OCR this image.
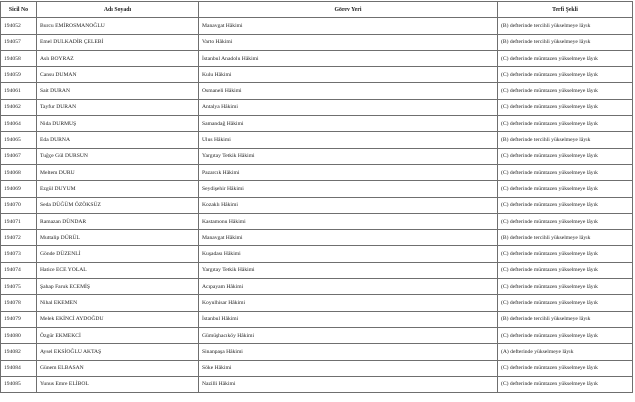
Sicil No	Adı Soyadı	Görev Yeri	Terfi Şekli
194052	Burcu EMİROSMANOĞLU	Manavgat Hâkimi	(B) defterinde tercihli yükselmeye lâyık
194057	Emel DULKADİR ÇELEBİ	Varto Hâkimi	(B) defterinde tercihli yükselmeye lâyık
194058	Aslı BOYRAZ	İstanbul Anadolu Hâkimi	(C) defterinde mümtazen yükselmeye lâyık
194059	Cansu DUMAN	Kulu Hâkimi	(C) defterinde mümtazen yükselmeye lâyık
194061	Sait DURAN	Osmaneli Hâkimi	(C) defterinde mümtazen yükselmeye lâyık
194062	Tayfur DURAN	Antalya Hâkimi	(C) defterinde mümtazen yükselmeye lâyık
194064	Nida DURMUŞ	Samandağ Hâkimi	(C) defterinde mümtazen yükselmeye lâyık
194065	Eda DURNA	Ulus Hâkimi	(B) defterinde tercihli yükselmeye lâyık
194067	Tuğçe Gül DURSUN	Yargıtay Tetkik Hâkimi	(C) defterinde mümtazen yükselmeye lâyık
194068	Meltem DURU	Pazarcık Hâkimi	(C) defterinde mümtazen yükselmeye lâyık
194069	Ezgül DUYUM	Seydişehir Hâkimi	(C) defterinde mümtazen yükselmeye lâyık
194070	Seda DÜĞÜM ÖZÖKSÜZ	Kozaklı Hâkimi	(C) defterinde mümtazen yükselmeye lâyık
194071	Ramazan DÜNDAR	Kastamonu Hâkimi	(C) defterinde mümtazen yükselmeye lâyık
194072	Muttalip DÜRÜL	Manavgat Hâkimi	(B) defterinde tercihli yükselmeye lâyık
194073	Gönde DÜZENLİ	Kuşadası Hâkimi	(C) defterinde mümtazen yükselmeye lâyık
194074	Hatice ECE YOLAL	Yargıtay Tetkik Hâkimi	(C) defterinde mümtazen yükselmeye lâyık
194075	Şahap Faruk ECEMİŞ	Acıpayam Hâkimi	(C) defterinde mümtazen yükselmeye lâyık
194078	Nihal EKEMEN	Koyulhisar Hâkimi	(C) defterinde mümtazen yükselmeye lâyık
194079	Melek EKİNCİ AYDOĞDU	İstanbul Hâkimi	(B) defterinde tercihli yükselmeye lâyık
194080	Özgür EKMEKCİ	Gümüşhacıköy Hâkimi	(C) defterinde mümtazen yükselmeye lâyık
194082	Aysel EKSİOĞLU AKTAŞ	Sinanpaşa Hâkimi	(A) defterinde yükselmeye lâyık
194084	Günem ELBASAN	Söke Hâkimi	(C) defterinde mümtazen yükselmeye lâyık
194085	Yunus Emre ELİBOL	Nazilli Hâkimi	(C) defterinde mümtazen yükselmeye lâyık
